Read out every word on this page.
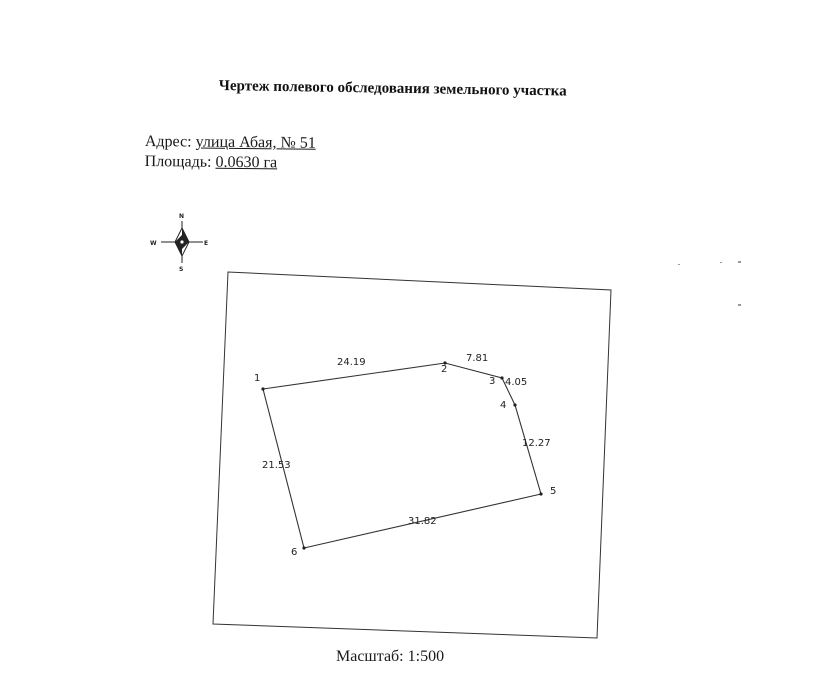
Чертеж полевого обследования земельного участка
Адрес: улица Абая, № 51
Площадь: 0.0630 га
N
S
E
W
1
2
3
4
5
6
24.19	7.81
4.05
12.27
31.82
21.53
Масштаб: 1:500
